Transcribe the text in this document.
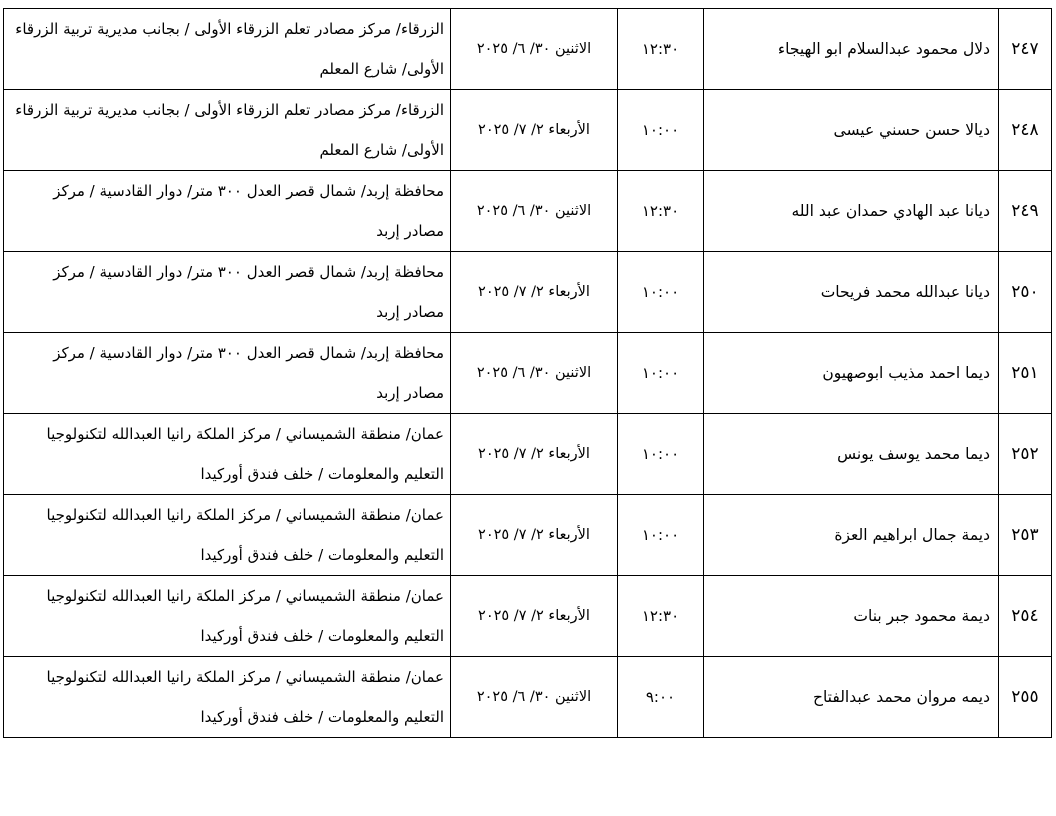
٢٤٧	دلال محمود عبدالسلام ابو الهيجاء	١٢:٣٠	الاثنين ٣٠/ ٦/ ٢٠٢٥	الزرقاء/ مركز مصادر تعلم الزرقاء الأولى / بجانب مديرية تربية الزرقاء
الأولى/ شارع المعلم

٢٤٨	ديالا حسن حسني عيسى	١٠:٠٠	الأربعاء ٢/ ٧/ ٢٠٢٥	الزرقاء/ مركز مصادر تعلم الزرقاء الأولى / بجانب مديرية تربية الزرقاء
الأولى/ شارع المعلم

٢٤٩	ديانا عبد الهادي حمدان عبد الله	١٢:٣٠	الاثنين ٣٠/ ٦/ ٢٠٢٥	محافظة إربد/ شمال قصر العدل ٣٠٠ متر/ دوار القادسية / مركز
مصادر إربد

٢٥٠	ديانا عبدالله محمد فريحات	١٠:٠٠	الأربعاء ٢/ ٧/ ٢٠٢٥	محافظة إربد/ شمال قصر العدل ٣٠٠ متر/ دوار القادسية / مركز
مصادر إربد

٢٥١	ديما احمد مذيب ابوصهيون	١٠:٠٠	الاثنين ٣٠/ ٦/ ٢٠٢٥	محافظة إربد/ شمال قصر العدل ٣٠٠ متر/ دوار القادسية / مركز
مصادر إربد

٢٥٢	ديما محمد يوسف يونس	١٠:٠٠	الأربعاء ٢/ ٧/ ٢٠٢٥	عمان/ منطقة الشميساني / مركز الملكة رانيا العبدالله لتكنولوجيا
التعليم والمعلومات / خلف فندق أوركيدا

٢٥٣	ديمة جمال ابراهيم العزة	١٠:٠٠	الأربعاء ٢/ ٧/ ٢٠٢٥	عمان/ منطقة الشميساني / مركز الملكة رانيا العبدالله لتكنولوجيا
التعليم والمعلومات / خلف فندق أوركيدا

٢٥٤	ديمة محمود جبر بنات	١٢:٣٠	الأربعاء ٢/ ٧/ ٢٠٢٥	عمان/ منطقة الشميساني / مركز الملكة رانيا العبدالله لتكنولوجيا
التعليم والمعلومات / خلف فندق أوركيدا

٢٥٥	ديمه مروان محمد عبدالفتاح	٩:٠٠	الاثنين ٣٠/ ٦/ ٢٠٢٥	عمان/ منطقة الشميساني / مركز الملكة رانيا العبدالله لتكنولوجيا
التعليم والمعلومات / خلف فندق أوركيدا
